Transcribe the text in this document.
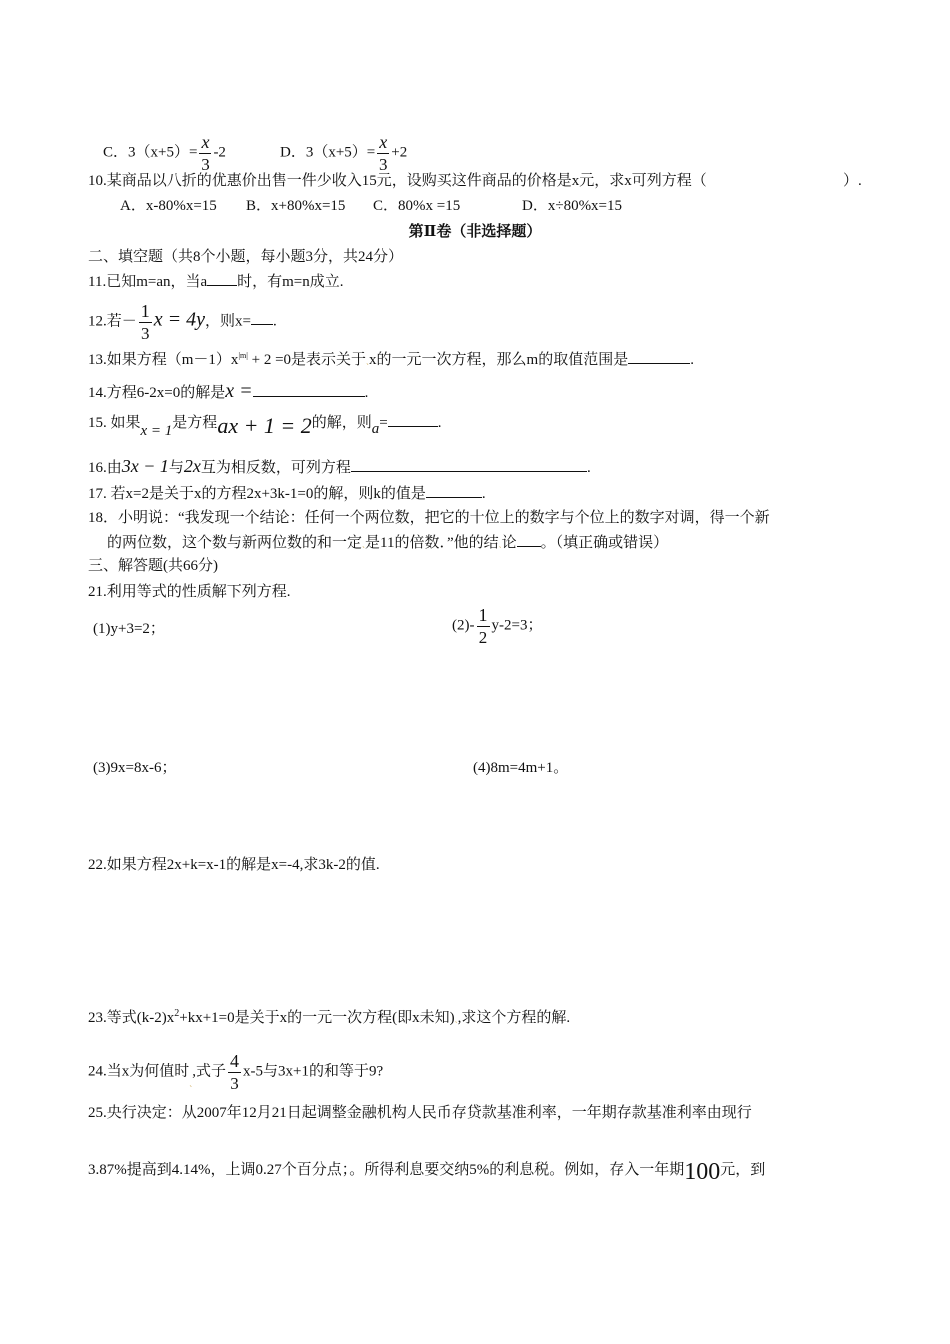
C．$3(x+5)= \frac{x}{3} -2$	D．$3(x+5)= \frac{x}{3} +2$
10.某商品以八折的优惠价出售一件少收入15元，设购买这件商品的价格是x元，求x可列方程（	）.
A．x-80%x=15 B．x+80%x=15 C．80%x =15	D．x÷80%x=15
第Ⅱ卷（非选择题）
二、填空题（共8个小题，每小题3分，共24分）
11.已知m=an，当a 时，有m=n成立.
12.若－ $\frac{1}{3}$ x = 4y，则x= .
13.如果方程$(m-1)x^{|m|} + 2 =0$是表示关于ˏx的一元一次方程，那么m的取值范围是	.
14.方程6-2x=0的解是x =	.
15. 如果x = 1是方程ax + 1 = 2的解，则a=	.
16.由3x − 1与2x互为相反数，可列方程	.
17. 若x=2是关于x的方程2x+3k-1=0的解，则k的值是	.
18．小明说：“我发现一个结论：任何一个两位数，把它的十位上的数字与个位上的数字对调，得一个新
的两位数，这个数与新两位数的和一定ˏ是11的倍数．”他的结ˏ论 。（填正确或错误）
三、解答题(共66分)
21.利用等式的性质解下列方程.
(1)y+3=2；	$(2)- \frac{1}{2} y-2=3$；
(3)9x=8x-6；	(4)8m=4m+1。
22.如果方程2x+k=x-1的解是x=-4,求3k-2的值.
23.等式$(k-2)x^2+kx+1=0$是关于x的一元一次方程(即x未知)ˏ,求这个方程的解.
24.当x为何值时ˏ,式子 $\frac{4}{3} x-5$与3x+1的和等于9?
25.央行决定：从2007年12月21日起调整金融机构人民币存贷款基准利率，一年期存款基准利率由现行
3.87%提高到4.14%，上调0.27个百分点；。所得利息要交纳5%的利息税。例如，存入一年期100元，到
